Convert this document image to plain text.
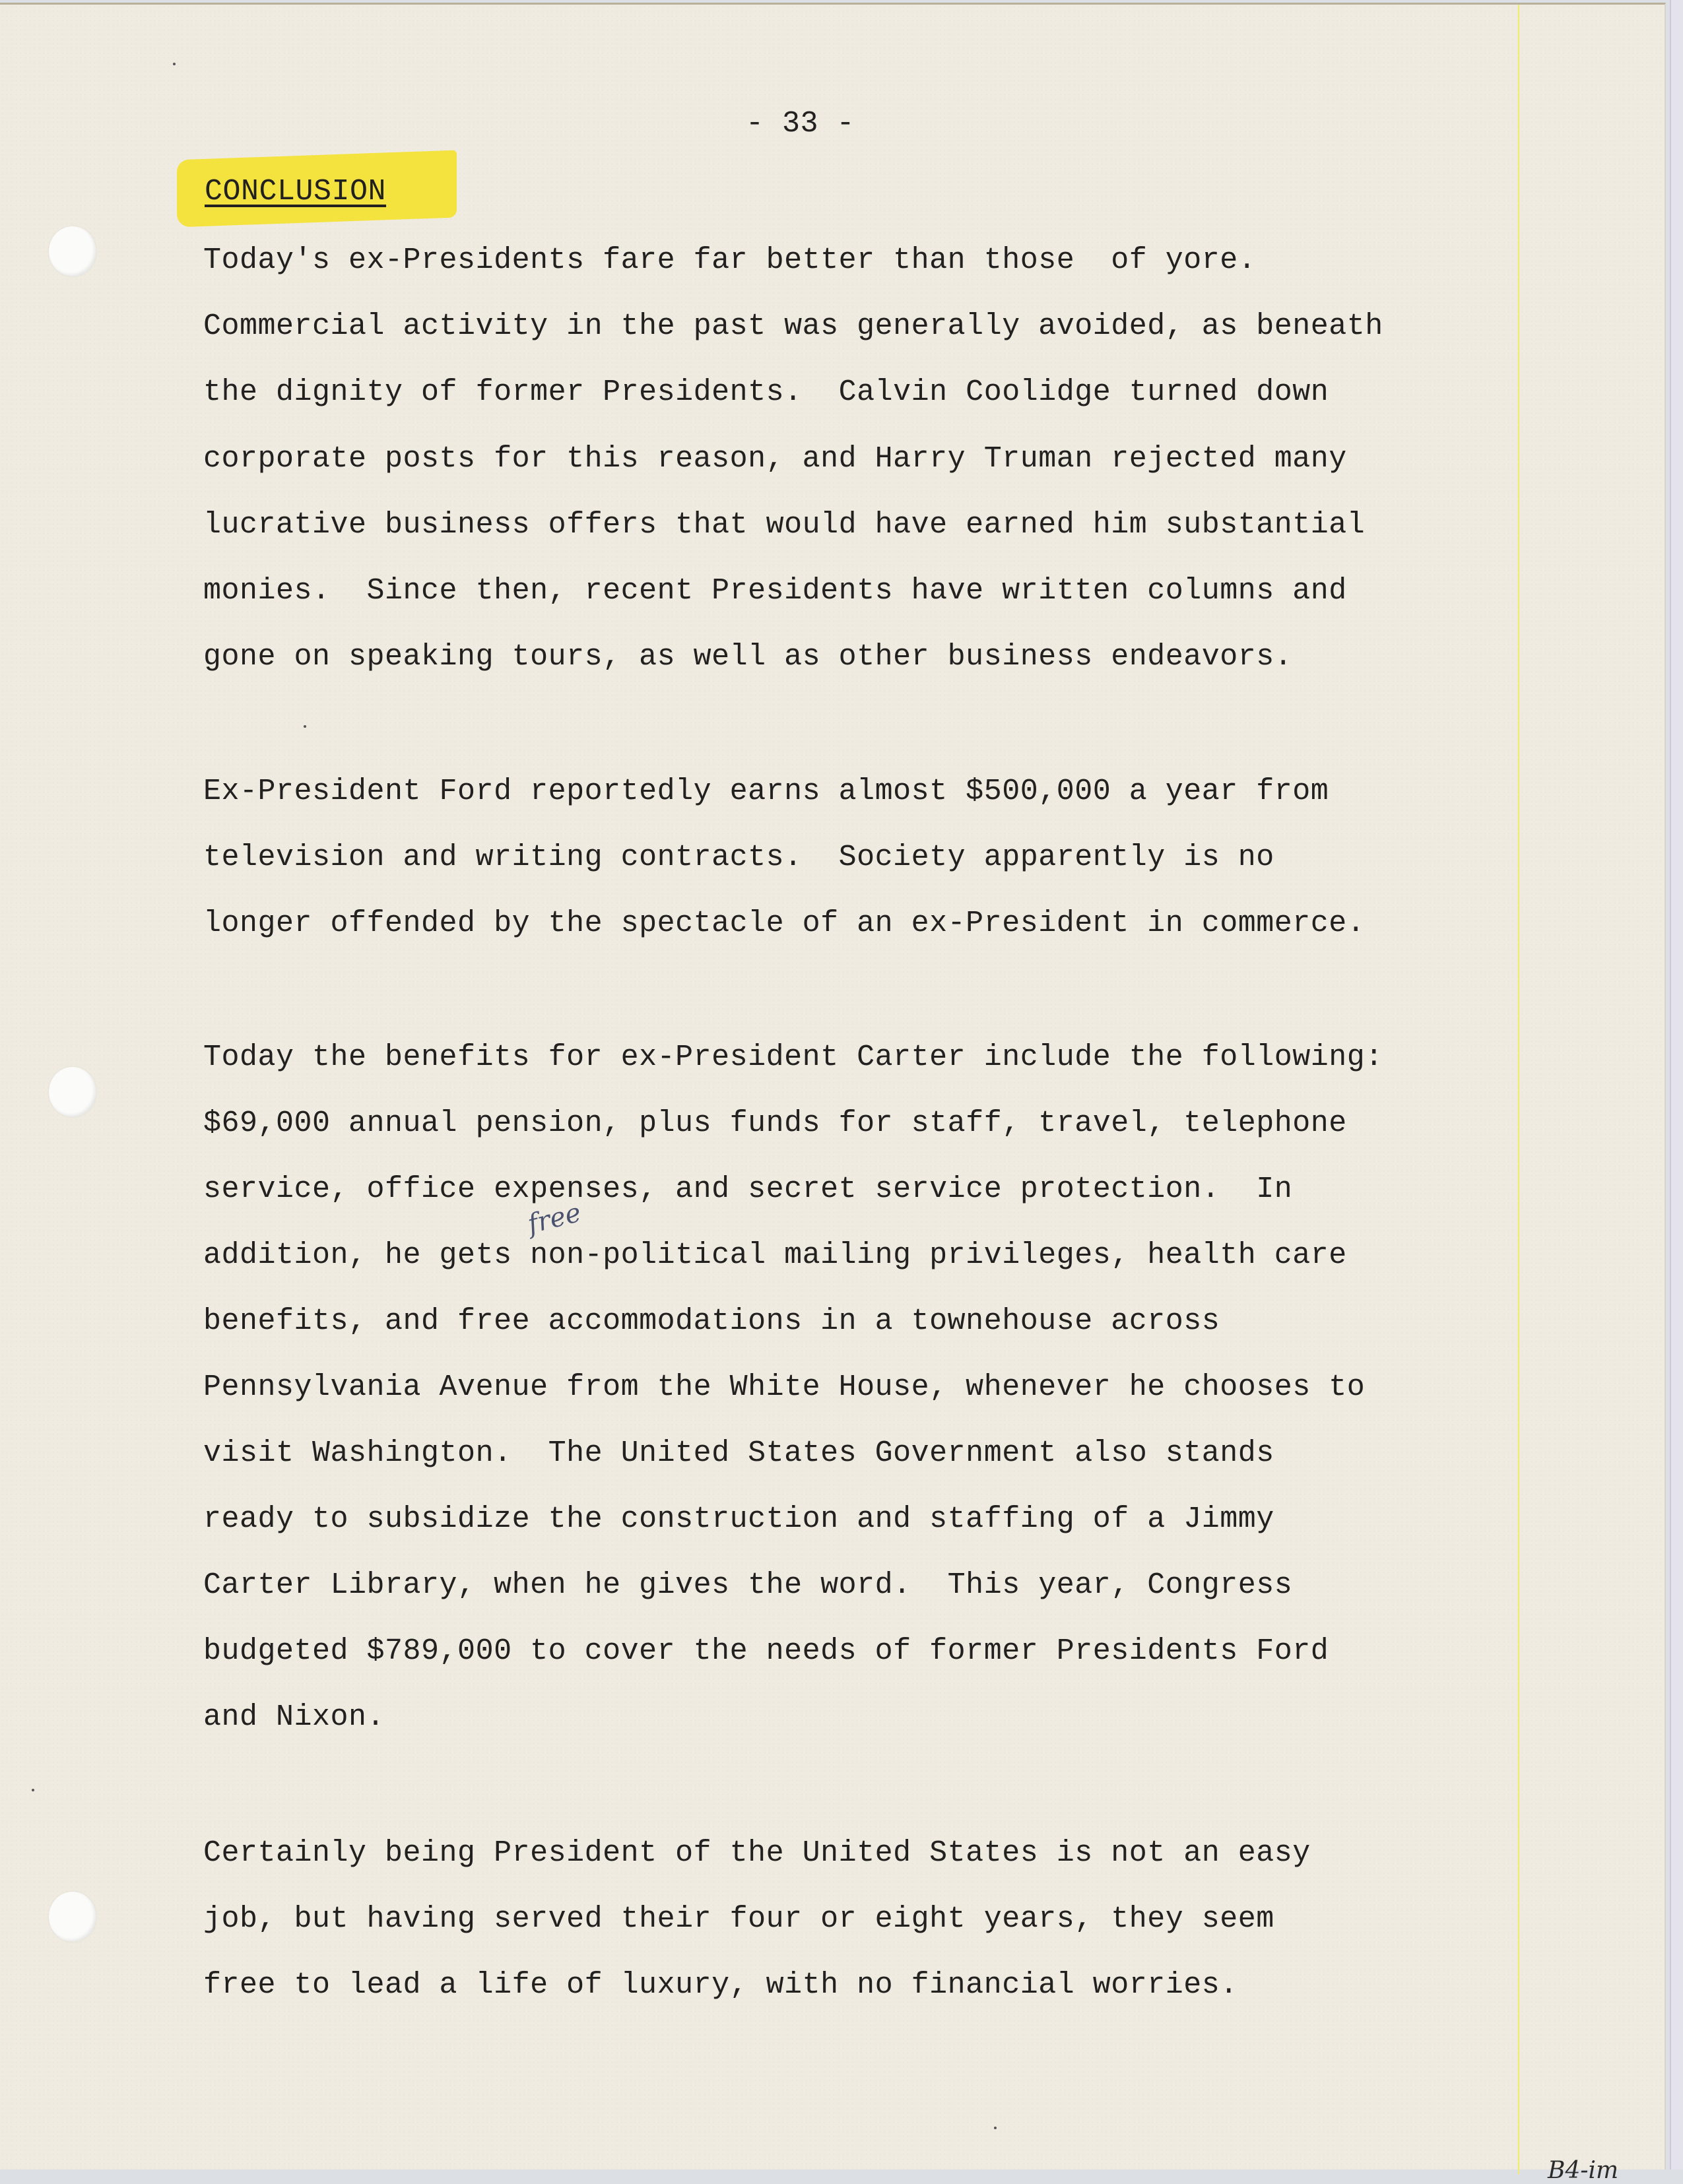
- 33 -
CONCLUSION
Today's ex-Presidents fare far better than those  of yore.
Commercial activity in the past was generally avoided, as beneath
the dignity of former Presidents.  Calvin Coolidge turned down
corporate posts for this reason, and Harry Truman rejected many
lucrative business offers that would have earned him substantial
monies.  Since then, recent Presidents have written columns and
gone on speaking tours, as well as other business endeavors.
Ex-President Ford reportedly earns almost $500,000 a year from
television and writing contracts.  Society apparently is no
longer offended by the spectacle of an ex-President in commerce.
Today the benefits for ex-President Carter include the following:
$69,000 annual pension, plus funds for staff, travel, telephone
service, office expenses, and secret service protection.  In
addition, he gets non-political mailing privileges, health care
benefits, and free accommodations in a townehouse across
Pennsylvania Avenue from the White House, whenever he chooses to
visit Washington.  The United States Government also stands
ready to subsidize the construction and staffing of a Jimmy
Carter Library, when he gives the word.  This year, Congress
budgeted $789,000 to cover the needs of former Presidents Ford
and Nixon.
Certainly being President of the United States is not an easy
job, but having served their four or eight years, they seem
free to lead a life of luxury, with no financial worries.
free
B4-im
